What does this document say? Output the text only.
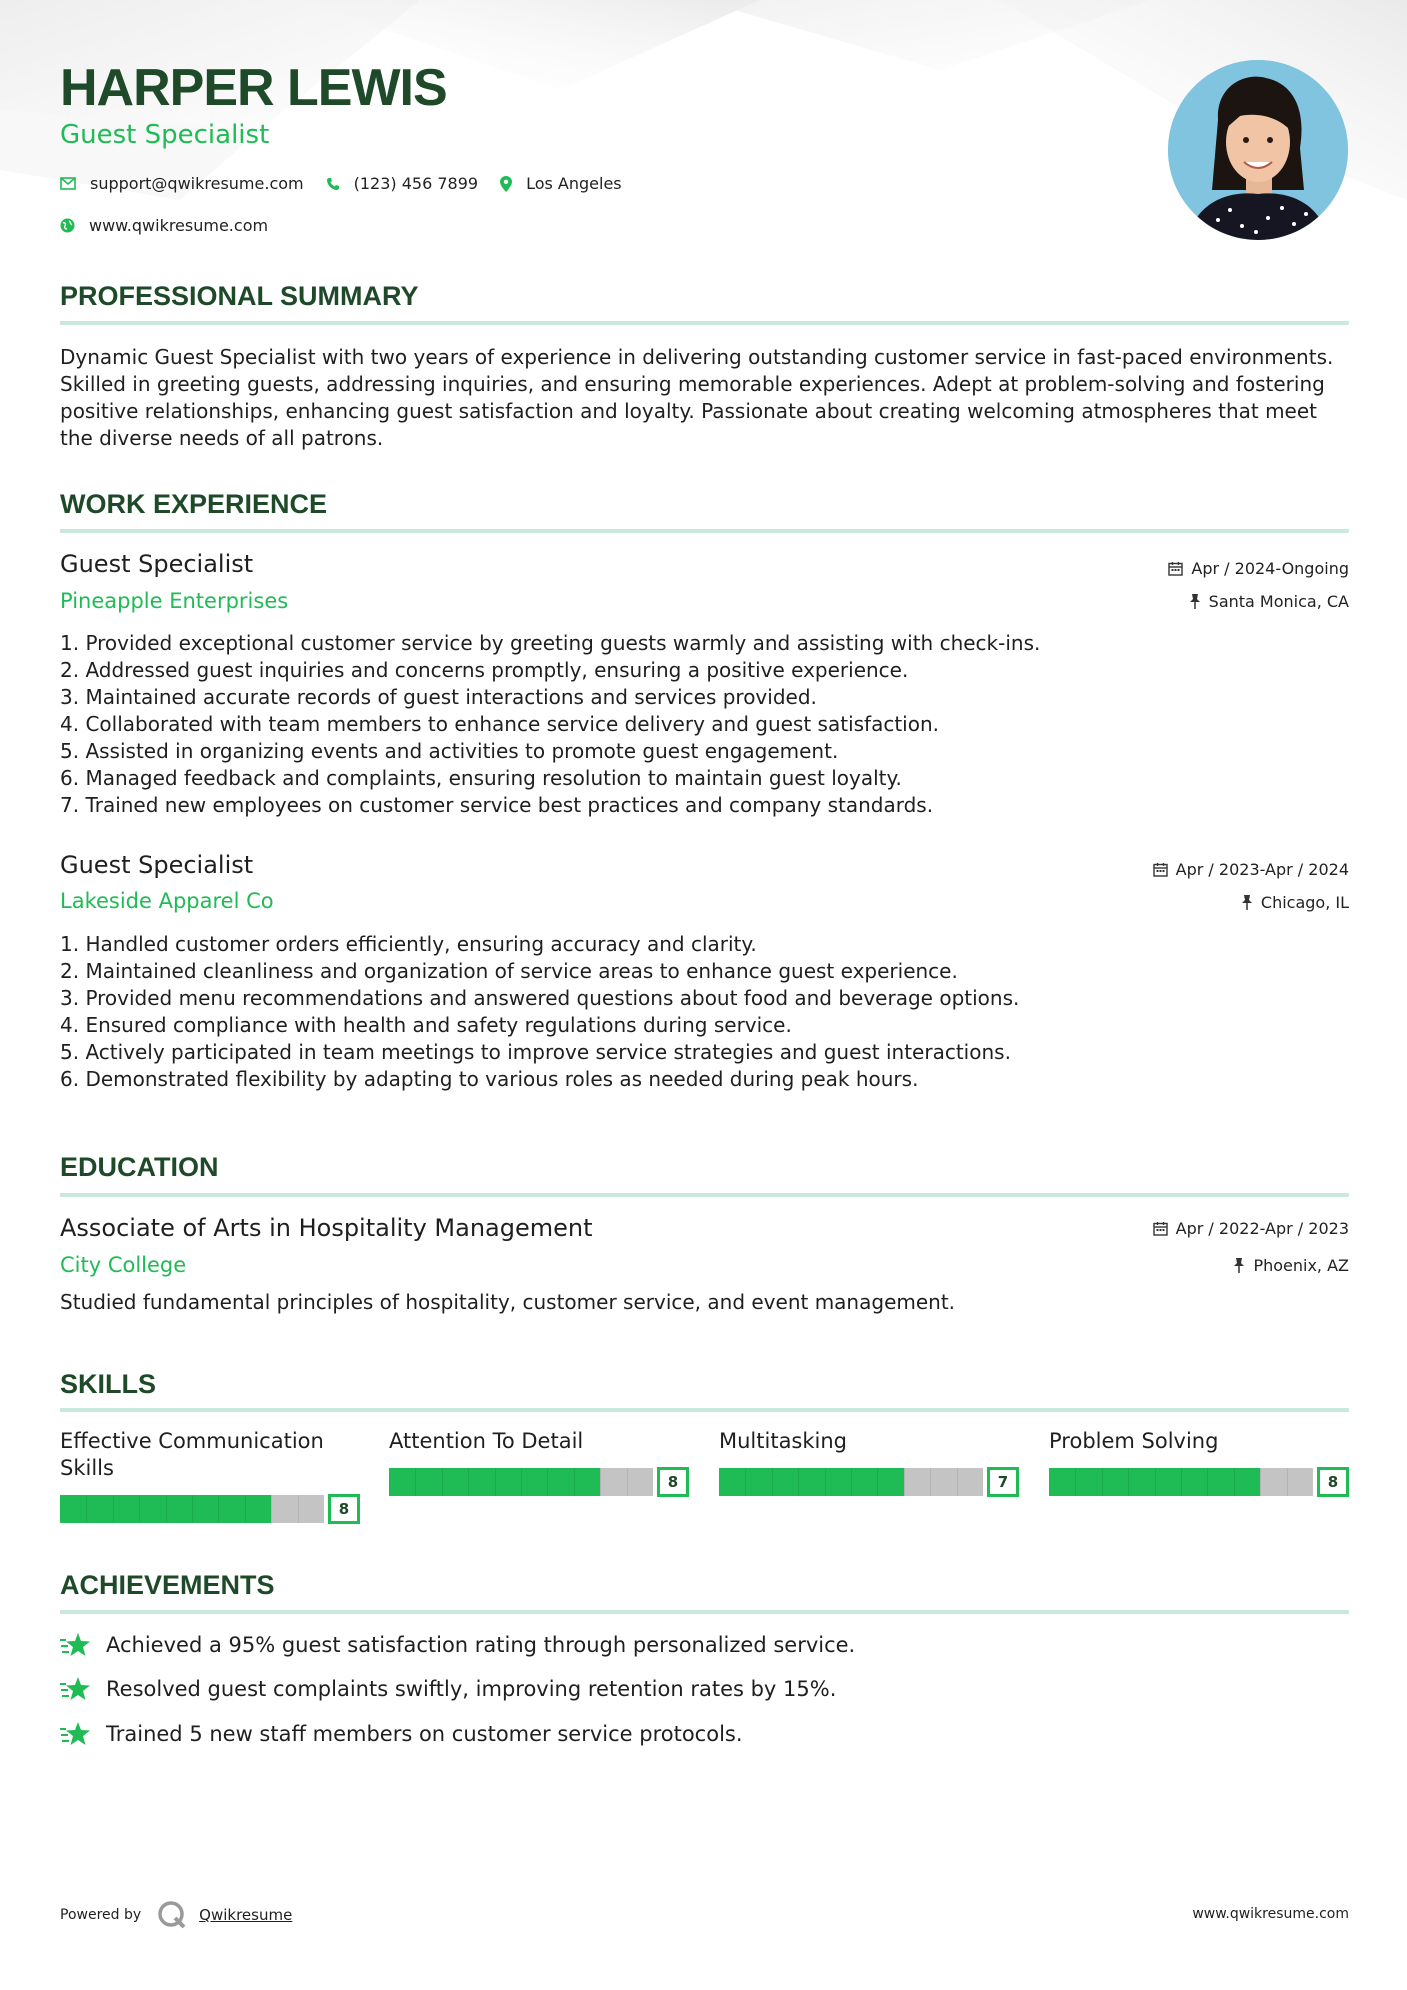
HARPER LEWIS
Guest Specialist
support@qwikresume.com	(123) 456 7899	Los Angeles
www.qwikresume.com
PROFESSIONAL SUMMARY
Dynamic Guest Specialist with two years of experience in delivering outstanding customer service in fast-paced environments. Skilled in greeting guests, addressing inquiries, and ensuring memorable experiences. Adept at problem-solving and fostering positive relationships, enhancing guest satisfaction and loyalty. Passionate about creating welcoming atmospheres that meet the diverse needs of all patrons.
WORK EXPERIENCE
Guest Specialist
Pineapple Enterprises
Apr / 2024-Ongoing
Santa Monica, CA
1. Provided exceptional customer service by greeting guests warmly and assisting with check-ins.
2. Addressed guest inquiries and concerns promptly, ensuring a positive experience.
3. Maintained accurate records of guest interactions and services provided.
4. Collaborated with team members to enhance service delivery and guest satisfaction.
5. Assisted in organizing events and activities to promote guest engagement.
6. Managed feedback and complaints, ensuring resolution to maintain guest loyalty.
7. Trained new employees on customer service best practices and company standards.
Guest Specialist
Lakeside Apparel Co
Apr / 2023-Apr / 2024
Chicago, IL
1. Handled customer orders efficiently, ensuring accuracy and clarity.
2. Maintained cleanliness and organization of service areas to enhance guest experience.
3. Provided menu recommendations and answered questions about food and beverage options.
4. Ensured compliance with health and safety regulations during service.
5. Actively participated in team meetings to improve service strategies and guest interactions.
6. Demonstrated flexibility by adapting to various roles as needed during peak hours.
EDUCATION
Associate of Arts in Hospitality Management
City College
Apr / 2022-Apr / 2023
Phoenix, AZ
Studied fundamental principles of hospitality, customer service, and event management.
SKILLS
Effective Communication Skills
8
Attention To Detail
8
Multitasking
7
Problem Solving
8
ACHIEVEMENTS
Achieved a 95% guest satisfaction rating through personalized service.
Resolved guest complaints swiftly, improving retention rates by 15%.
Trained 5 new staff members on customer service protocols.
Powered by	Qwikresume	www.qwikresume.com
